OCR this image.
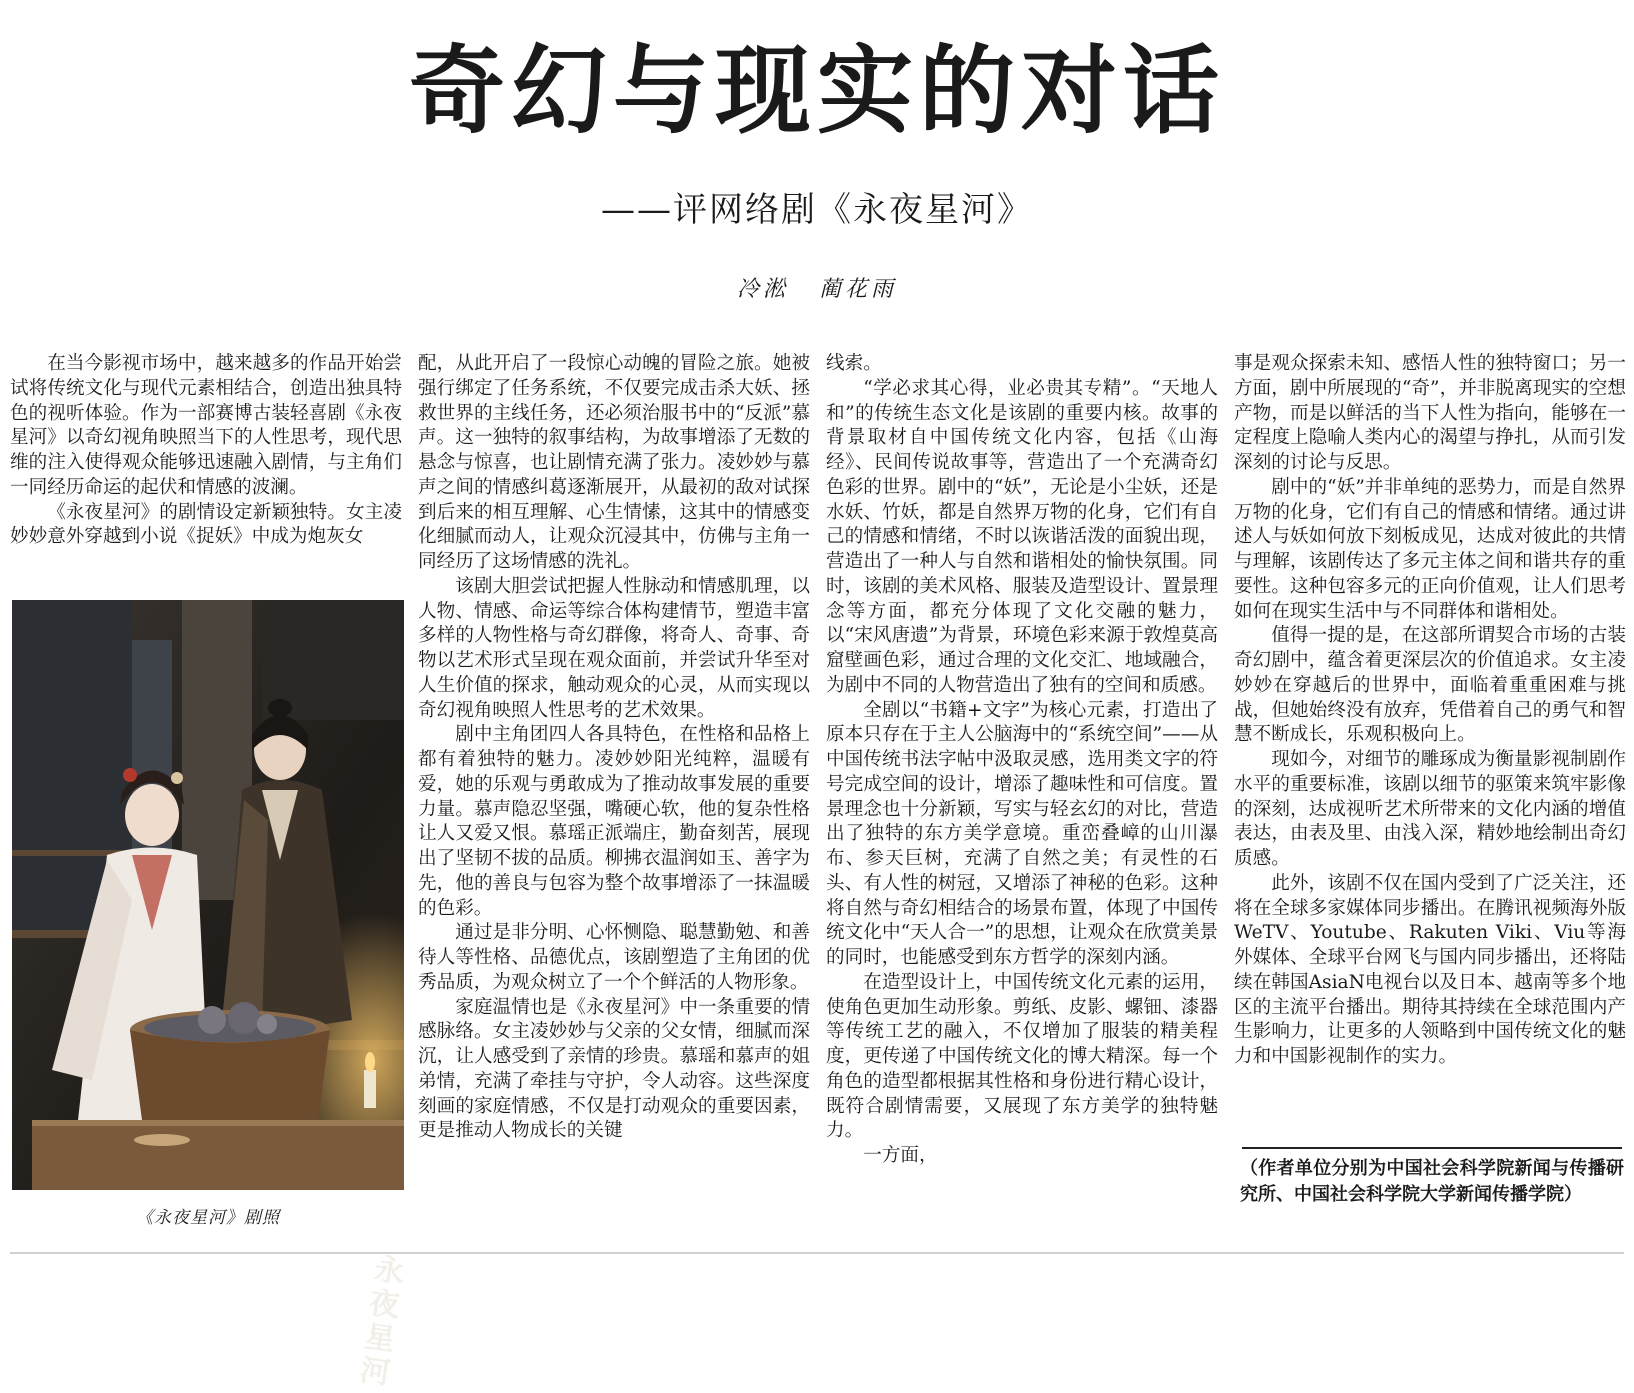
奇幻与现实的对话
——评网络剧《永夜星河》
冷淞 蔺花雨

在当今影视市场中，越来越多的作品开始尝试将传统文化与现代元素相结合，创造出独具特色的视听体验。作为一部赛博古装轻喜剧《永夜星河》以奇幻视角映照当下的人性思考，现代思维的注入使得观众能够迅速融入剧情，与主角们一同经历命运的起伏和情感的波澜。

《永夜星河》的剧情设定新颖独特。女主凌妙妙意外穿越到小说《捉妖》中成为炮灰女

永夜星河
《永夜星河》剧照

配，从此开启了一段惊心动魄的冒险之旅。她被强行绑定了任务系统，不仅要完成击杀大妖、拯救世界的主线任务，还必须治服书中的“反派”慕声。这一独特的叙事结构，为故事增添了无数的悬念与惊喜，也让剧情充满了张力。凌妙妙与慕声之间的情感纠葛逐渐展开，从最初的敌对试探到后来的相互理解、心生情愫，这其中的情感变化细腻而动人，让观众沉浸其中，仿佛与主角一同经历了这场情感的洗礼。

该剧大胆尝试把握人性脉动和情感肌理，以人物、情感、命运等综合体构建情节，塑造丰富多样的人物性格与奇幻群像，将奇人、奇事、奇物以艺术形式呈现在观众面前，并尝试升华至对人生价值的探求，触动观众的心灵，从而实现以奇幻视角映照人性思考的艺术效果。

剧中主角团四人各具特色，在性格和品格上都有着独特的魅力。凌妙妙阳光纯粹，温暖有爱，她的乐观与勇敢成为了推动故事发展的重要力量。慕声隐忍坚强，嘴硬心软，他的复杂性格让人又爱又恨。慕瑶正派端庄，勤奋刻苦，展现出了坚韧不拔的品质。柳拂衣温润如玉、善字为先，他的善良与包容为整个故事增添了一抹温暖的色彩。

通过是非分明、心怀恻隐、聪慧勤勉、和善待人等性格、品德优点，该剧塑造了主角团的优秀品质，为观众树立了一个个鲜活的人物形象。

家庭温情也是《永夜星河》中一条重要的情感脉络。女主凌妙妙与父亲的父女情，细腻而深沉，让人感受到了亲情的珍贵。慕瑶和慕声的姐弟情，充满了牵挂与守护，令人动容。这些深度刻画的家庭情感，不仅是打动观众的重要因素，更是推动人物成长的关键

线索。

“学必求其心得，业必贵其专精”。“天地人和”的传统生态文化是该剧的重要内核。故事的背景取材自中国传统文化内容，包括《山海经》、民间传说故事等，营造出了一个充满奇幻色彩的世界。剧中的“妖”，无论是小尘妖，还是水妖、竹妖，都是自然界万物的化身，它们有自己的情感和情绪，不时以诙谐活泼的面貌出现，营造出了一种人与自然和谐相处的愉快氛围。同时，该剧的美术风格、服装及造型设计、置景理念等方面，都充分体现了文化交融的魅力，以“宋风唐遗”为背景，环境色彩来源于敦煌莫高窟壁画色彩，通过合理的文化交汇、地域融合，为剧中不同的人物营造出了独有的空间和质感。

全剧以“书籍+文字”为核心元素，打造出了原本只存在于主人公脑海中的“系统空间”——从中国传统书法字帖中汲取灵感，选用类文字的符号完成空间的设计，增添了趣味性和可信度。置景理念也十分新颖，写实与轻玄幻的对比，营造出了独特的东方美学意境。重峦叠嶂的山川瀑布、参天巨树，充满了自然之美；有灵性的石头、有人性的树冠，又增添了神秘的色彩。这种将自然与奇幻相结合的场景布置，体现了中国传统文化中“天人合一”的思想，让观众在欣赏美景的同时，也能感受到东方哲学的深刻内涵。

在造型设计上，中国传统文化元素的运用，使角色更加生动形象。剪纸、皮影、螺钿、漆器等传统工艺的融入，不仅增加了服装的精美程度，更传递了中国传统文化的博大精深。每一个角色的造型都根据其性格和身份进行精心设计，既符合剧情需要，又展现了东方美学的独特魅力。

一方面，

事是观众探索未知、感悟人性的独特窗口；另一方面，剧中所展现的“奇”，并非脱离现实的空想产物，而是以鲜活的当下人性为指向，能够在一定程度上隐喻人类内心的渴望与挣扎，从而引发深刻的讨论与反思。

剧中的“妖”并非单纯的恶势力，而是自然界万物的化身，它们有自己的情感和情绪。通过讲述人与妖如何放下刻板成见，达成对彼此的共情与理解，该剧传达了多元主体之间和谐共存的重要性。这种包容多元的正向价值观，让人们思考如何在现实生活中与不同群体和谐相处。

值得一提的是，在这部所谓契合市场的古装奇幻剧中，蕴含着更深层次的价值追求。女主凌妙妙在穿越后的世界中，面临着重重困难与挑战，但她始终没有放弃，凭借着自己的勇气和智慧不断成长，乐观积极向上。

现如今，对细节的雕琢成为衡量影视制剧作水平的重要标准，该剧以细节的驱策来筑牢影像的深刻，达成视听艺术所带来的文化内涵的增值表达，由表及里、由浅入深，精妙地绘制出奇幻质感。

此外，该剧不仅在国内受到了广泛关注，还将在全球多家媒体同步播出。在腾讯视频海外版WeTV、Youtube、Rakuten Viki、Viu等海外媒体、全球平台网飞与国内同步播出，还将陆续在韩国AsiaN电视台以及日本、越南等多个地区的主流平台播出。期待其持续在全球范围内产生影响力，让更多的人领略到中国传统文化的魅力和中国影视制作的实力。

（作者单位分别为中国社会科学院新闻与传播研究所、中国社会科学院大学新闻传播学院）
